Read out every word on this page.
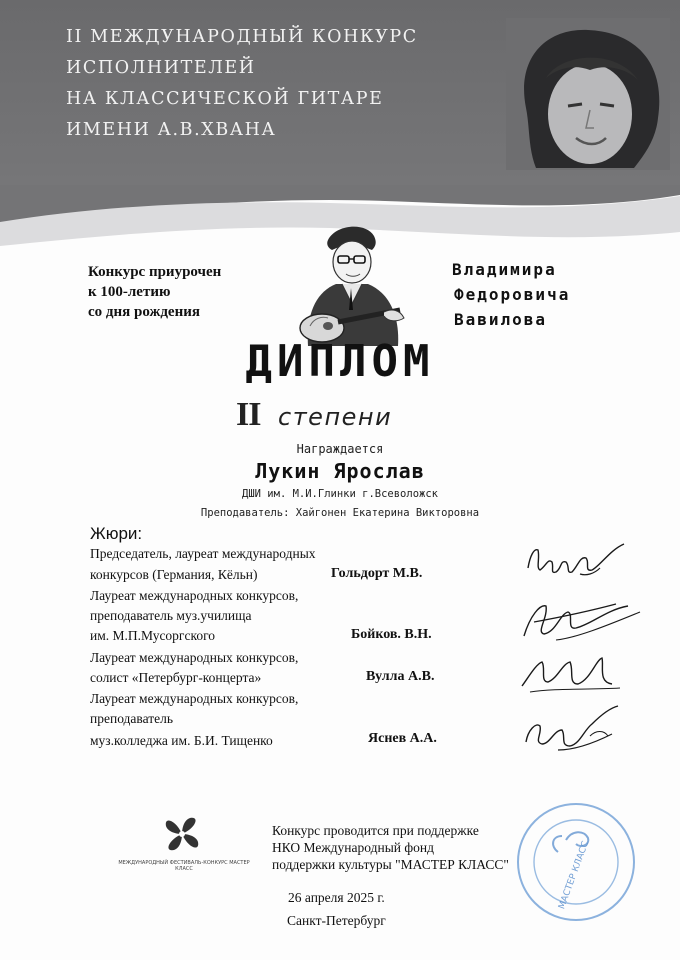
II МЕЖДУНАРОДНЫЙ КОНКУРС
ИСПОЛНИТЕЛЕЙ
НА КЛАССИЧЕСКОЙ ГИТАРЕ
ИМЕНИ А.В.ХВАНА
Конкурс приурочен
к 100-летию
со дня рождения
Владимира
Федоровича
Вавилова
ДИПЛОМ
II степени
Награждается
Лукин Ярослав
ДШИ им. М.И.Глинки г.Всеволожск
Преподаватель: Хайгонен Екатерина Викторовна
Жюри:
Председатель, лауреат международных
конкурсов (Германия, Кёльн)	Гольдорт М.В.
Лауреат международных конкурсов,
преподаватель муз.училища
им. М.П.Мусоргского	Бойков. В.Н.
Лауреат международных конкурсов,
солист «Петербург-концерта»	Вулла А.В.
Лауреат международных конкурсов,
преподаватель
муз.колледжа им. Б.И. Тищенко	Яснев А.А.
МЕЖДУНАРОДНЫЙ ФЕСТИВАЛЬ-КОНКУРС МАСТЕР КЛАСС
Конкурс проводится при поддержке
НКО Международный фонд
поддержки культуры "МАСТЕР КЛАСС"	МАСТЕР КЛАСС
26 апреля 2025 г.
Санкт-Петербург
